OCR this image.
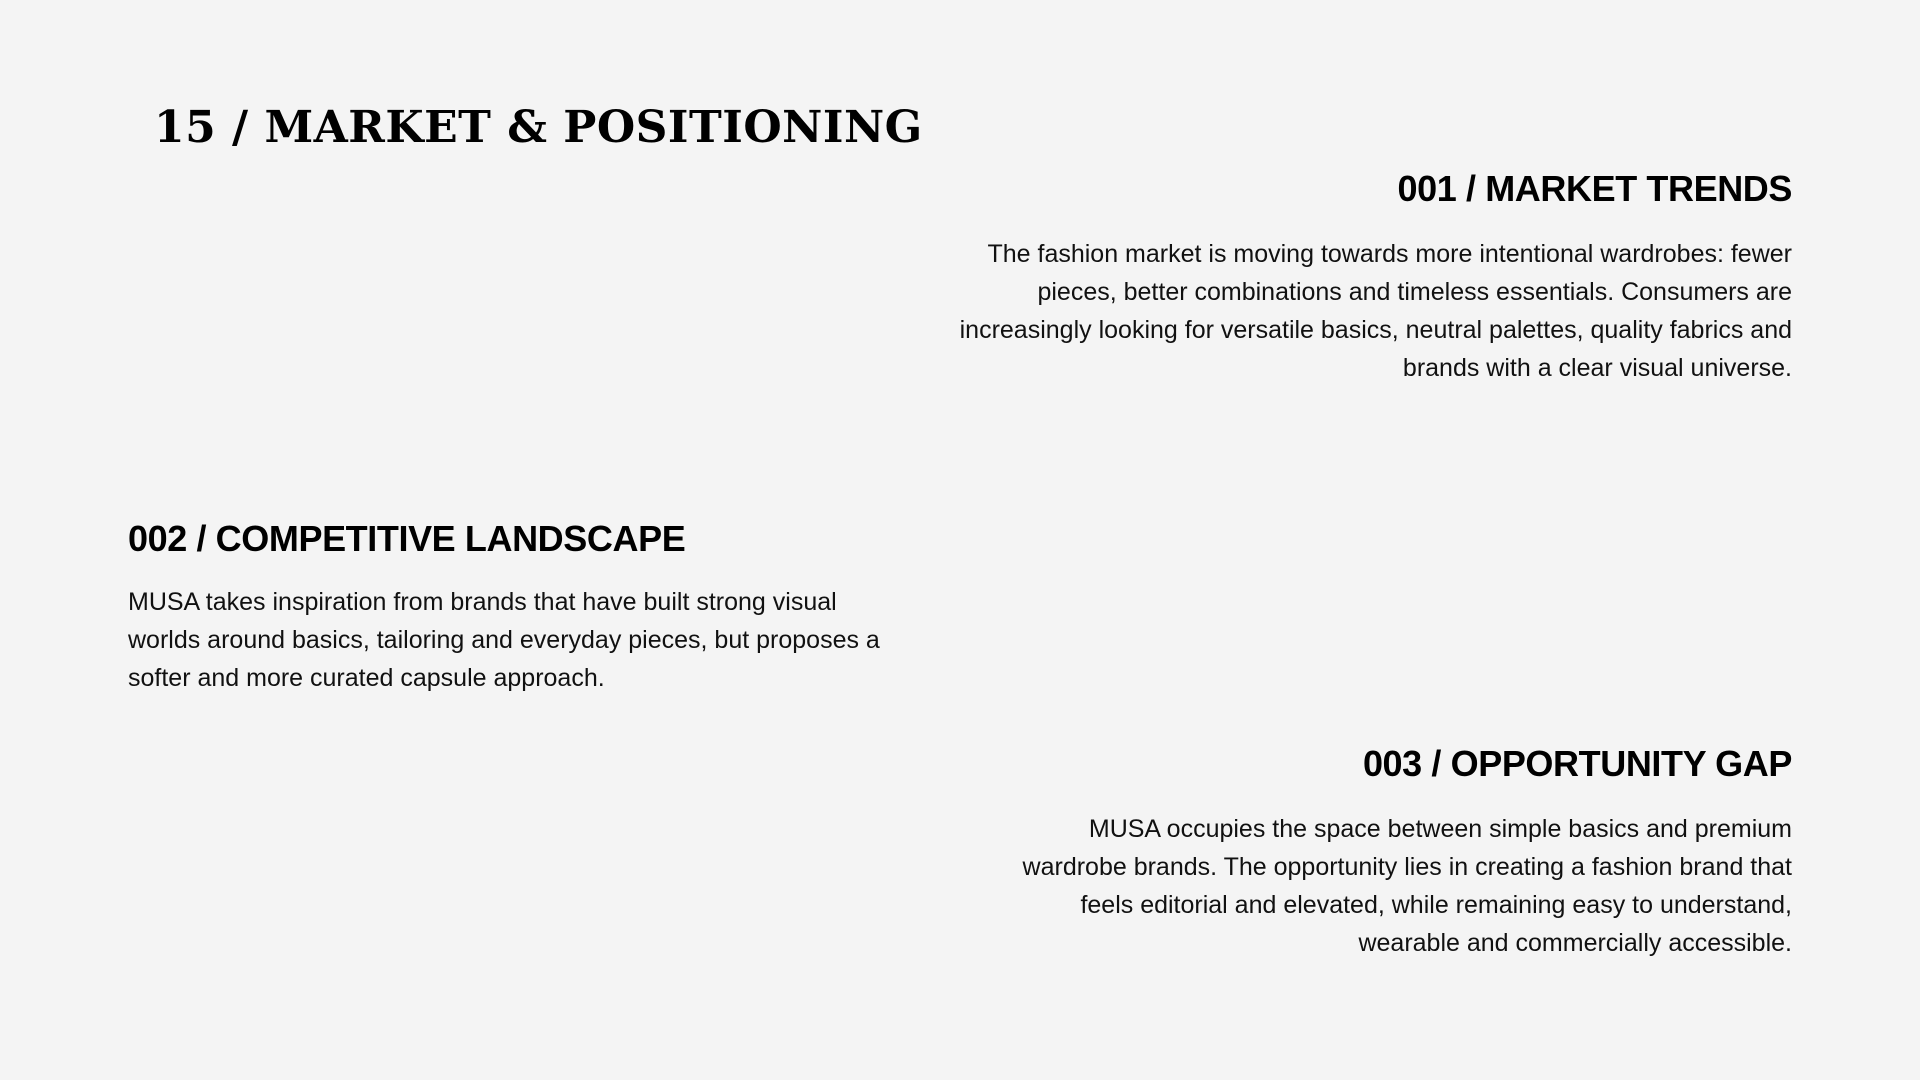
15 / MARKET & POSITIONING
001 / MARKET TRENDS

The fashion market is moving towards more intentional wardrobes: fewer pieces, better combinations and timeless essentials. Consumers are increasingly looking for versatile basics, neutral palettes, quality fabrics and brands with a clear visual universe.

002 / COMPETITIVE LANDSCAPE

MUSA takes inspiration from brands that have built strong visual worlds around basics, tailoring and everyday pieces, but proposes a softer and more curated capsule approach.

003 / OPPORTUNITY GAP

MUSA occupies the space between simple basics and premium wardrobe brands. The opportunity lies in creating a fashion brand that feels editorial and elevated, while remaining easy to understand, wearable and commercially accessible.
